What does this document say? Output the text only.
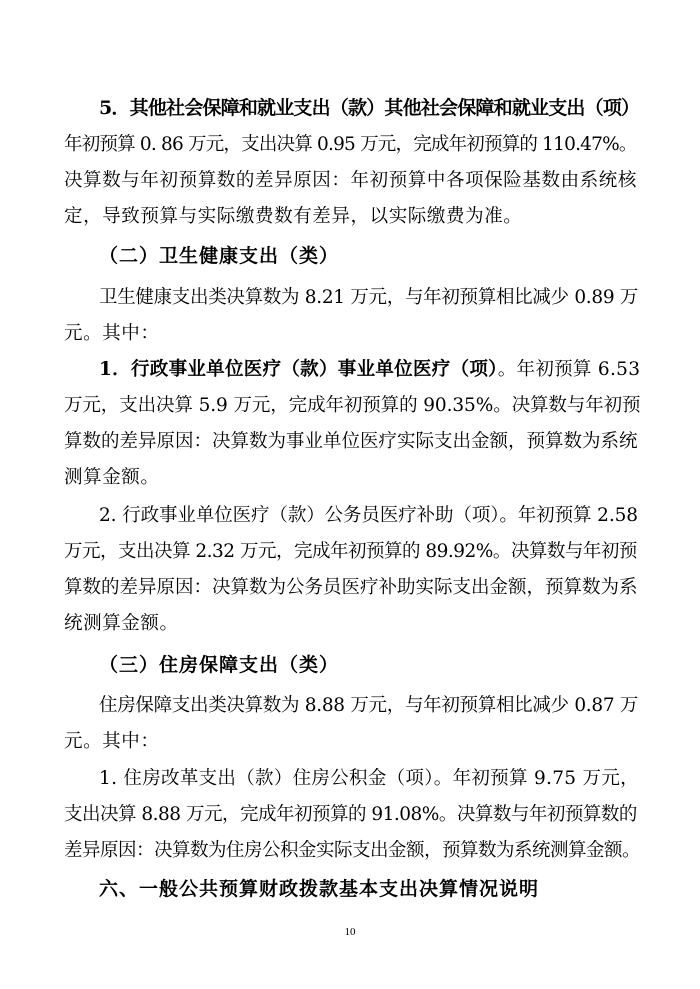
5．其他社会保障和就业支出（款）其他社会保障和就业支出（项）
年初预算 0. 86 万元，支出决算 0.95 万元，完成年初预算的 110.47%。
决算数与年初预算数的差异原因：年初预算中各项保险基数由系统核
定，导致预算与实际缴费数有差异，以实际缴费为准。
（二）卫生健康支出（类）
卫生健康支出类决算数为 8.21 万元，与年初预算相比减少 0.89 万
元。其中：
1．行政事业单位医疗（款）事业单位医疗（项）。年初预算 6.53
万元，支出决算 5.9 万元，完成年初预算的 90.35%。决算数与年初预
算数的差异原因：决算数为事业单位医疗实际支出金额，预算数为系统
测算金额。
2. 行政事业单位医疗（款）公务员医疗补助（项）。年初预算 2.58
万元，支出决算 2.32 万元，完成年初预算的 89.92%。决算数与年初预
算数的差异原因：决算数为公务员医疗补助实际支出金额，预算数为系
统测算金额。
（三）住房保障支出（类）
住房保障支出类决算数为 8.88 万元，与年初预算相比减少 0.87 万
元。其中：
1. 住房改革支出（款）住房公积金（项）。年初预算 9.75 万元，
支出决算 8.88 万元，完成年初预算的 91.08%。决算数与年初预算数的
差异原因：决算数为住房公积金实际支出金额，预算数为系统测算金额。
六、一般公共预算财政拨款基本支出决算情况说明
10
